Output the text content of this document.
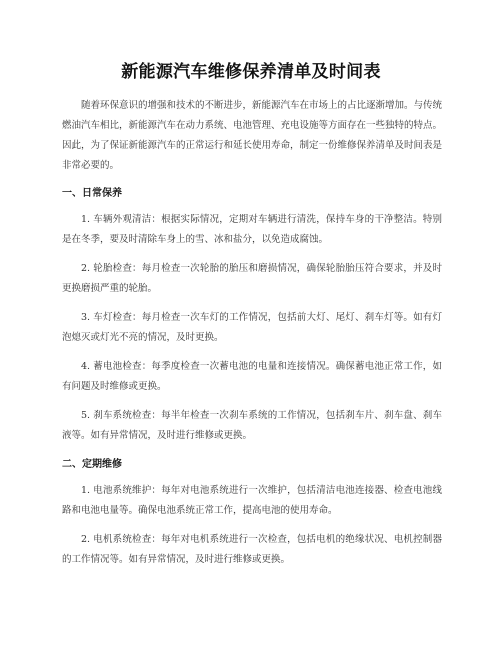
新能源汽车维修保养清单及时间表

随着环保意识的增强和技术的不断进步，新能源汽车在市场上的占比逐渐增加。与传统燃油汽车相比，新能源汽车在动力系统、电池管理、充电设施等方面存在一些独特的特点。因此，为了保证新能源汽车的正常运行和延长使用寿命，制定一份维修保养清单及时间表是非常必要的。

一、日常保养

1. 车辆外观清洁：根据实际情况，定期对车辆进行清洗，保持车身的干净整洁。特别是在冬季，要及时清除车身上的雪、冰和盐分，以免造成腐蚀。

2. 轮胎检查：每月检查一次轮胎的胎压和磨损情况，确保轮胎胎压符合要求，并及时更换磨损严重的轮胎。

3. 车灯检查：每月检查一次车灯的工作情况，包括前大灯、尾灯、刹车灯等。如有灯泡熄灭或灯光不亮的情况，及时更换。

4. 蓄电池检查：每季度检查一次蓄电池的电量和连接情况。确保蓄电池正常工作，如有问题及时维修或更换。

5. 刹车系统检查：每半年检查一次刹车系统的工作情况，包括刹车片、刹车盘、刹车液等。如有异常情况，及时进行维修或更换。

二、定期维修

1. 电池系统维护：每年对电池系统进行一次维护，包括清洁电池连接器、检查电池线路和电池电量等。确保电池系统正常工作，提高电池的使用寿命。

2. 电机系统检查：每年对电机系统进行一次检查，包括电机的绝缘状况、电机控制器的工作情况等。如有异常情况，及时进行维修或更换。
